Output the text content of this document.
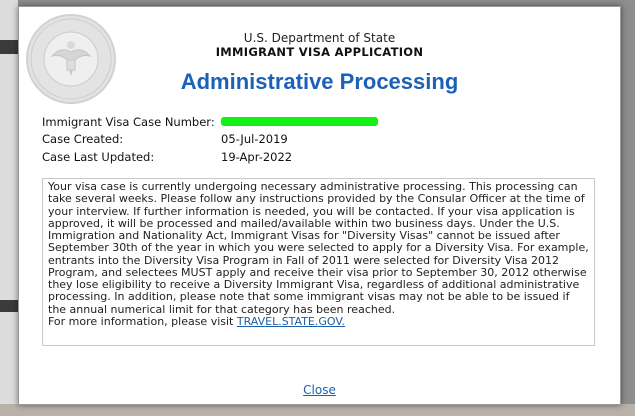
U.S. Department of State
IMMIGRANT VISA APPLICATION
Administrative Processing
Immigrant Visa Case Number:
Case Created:	05-Jul-2019
Case Last Updated:	19-Apr-2022

Your visa case is currently undergoing necessary administrative processing. This processing can take several weeks. Please follow any instructions provided by the Consular Officer at the time of your interview. If further information is needed, you will be contacted. If your visa application is approved, it will be processed and mailed/available within two business days. Under the U.S. Immigration and Nationality Act, Immigrant Visas for "Diversity Visas" cannot be issued after September 30th of the year in which you were selected to apply for a Diversity Visa. For example, entrants into the Diversity Visa Program in Fall of 2011 were selected for Diversity Visa 2012 Program, and selectees MUST apply and receive their visa prior to September 30, 2012 otherwise they lose eligibility to receive a Diversity Immigrant Visa, regardless of additional administrative processing. In addition, please note that some immigrant visas may not be able to be issued if the annual numerical limit for that category has been reached.

For more information, please visit TRAVEL.STATE.GOV.

Close
